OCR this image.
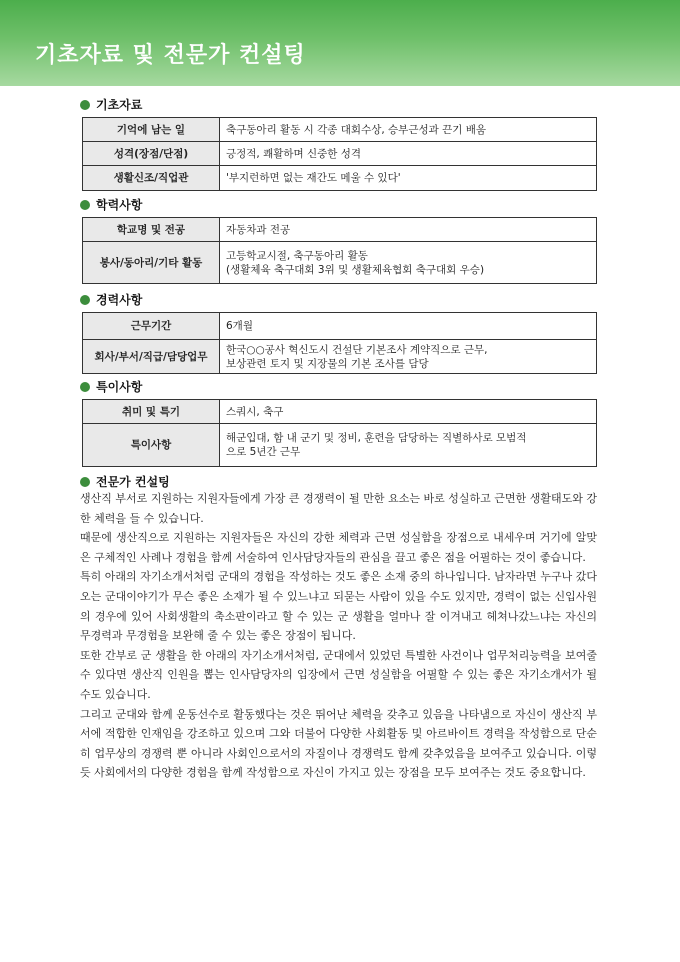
기초자료 및 전문가 컨설팅
기초자료
기억에 남는 일	축구동아리 활동 시 각종 대회수상, 승부근성과 끈기 배움
성격(장점/단점)	긍정적, 쾌활하며 신중한 성격
생활신조/직업관	'부지런하면 없는 재간도 메울 수 있다'
학력사항
학교명 및 전공	자동차과 전공
봉사/동아리/기타 활동	고등학교시절, 축구동아리 활동
(생활체육 축구대회 3위 및 생활체육협회 축구대회 우승)
경력사항
근무기간	6개월
회사/부서/직급/담당업무	한국○○공사 혁신도시 건설단 기본조사 계약직으로 근무,
보상관련 토지 및 지장물의 기본 조사를 담당
특이사항
취미 및 특기	스쿼시, 축구
특이사항	해군입대, 함 내 군기 및 정비, 훈련을 담당하는 직별하사로 모범적
으로 5년간 근무
전문가 컨설팅

생산직 부서로 지원하는 지원자들에게 가장 큰 경쟁력이 될 만한 요소는 바로 성실하고 근면한 생활태도와 강한 체력을 들 수 있습니다.

때문에 생산직으로 지원하는 지원자들은 자신의 강한 체력과 근면 성실함을 장점으로 내세우며 거기에 알맞은 구체적인 사례나 경험을 함께 서술하여 인사담당자들의 관심을 끌고 좋은 점을 어필하는 것이 좋습니다.

특히 아래의 자기소개서처럼 군대의 경험을 작성하는 것도 좋은 소재 중의 하나입니다. 남자라면 누구나 갔다오는 군대이야기가 무슨 좋은 소재가 될 수 있느냐고 되묻는 사람이 있을 수도 있지만, 경력이 없는 신입사원의 경우에 있어 사회생활의 축소판이라고 할 수 있는 군 생활을 얼마나 잘 이겨내고 헤쳐나갔느냐는 자신의 무경력과 무경험을 보완해 줄 수 있는 좋은 장점이 됩니다.

또한 간부로 군 생활을 한 아래의 자기소개서처럼, 군대에서 있었던 특별한 사건이나 업무처리능력을 보여줄 수 있다면 생산직 인원을 뽑는 인사담당자의 입장에서 근면 성실함을 어필할 수 있는 좋은 자기소개서가 될 수도 있습니다.

그리고 군대와 함께 운동선수로 활동했다는 것은 뛰어난 체력을 갖추고 있음을 나타냄으로 자신이 생산직 부서에 적합한 인재임을 강조하고 있으며 그와 더불어 다양한 사회활동 및 아르바이트 경력을 작성함으로 단순히 업무상의 경쟁력 뿐 아니라 사회인으로서의 자질이나 경쟁력도 함께 갖추었음을 보여주고 있습니다. 이렇듯 사회에서의 다양한 경험을 함께 작성함으로 자신이 가지고 있는 장점을 모두 보여주는 것도 중요합니다.
